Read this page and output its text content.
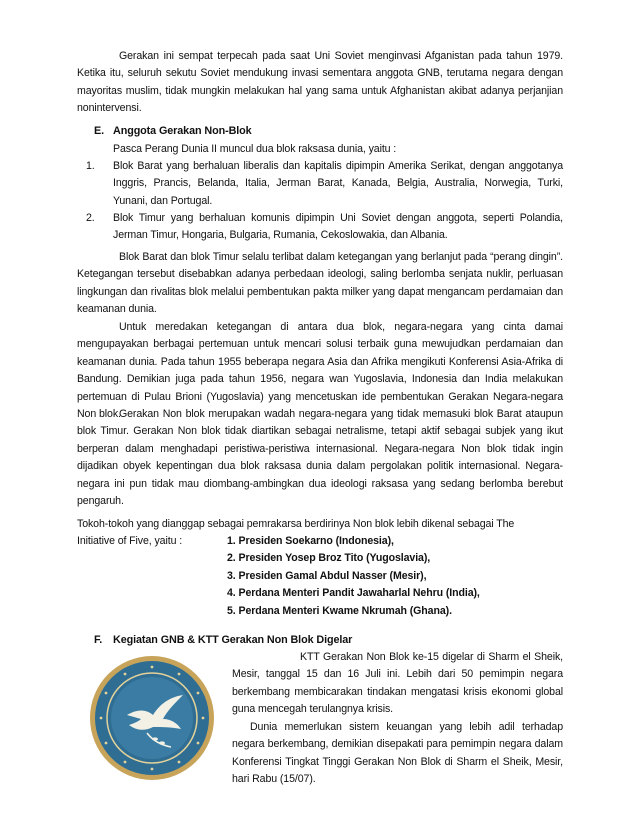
Gerakan ini sempat terpecah pada saat Uni Soviet menginvasi Afganistan pada tahun 1979. Ketika itu, seluruh sekutu Soviet mendukung invasi sementara anggota GNB, terutama negara dengan mayoritas muslim, tidak mungkin melakukan hal yang sama untuk Afghanistan akibat adanya perjanjian nonintervensi.

E. Anggota Gerakan Non-Blok

Pasca Perang Dunia II muncul dua blok raksasa dunia, yaitu :

1.	Blok Barat yang berhaluan liberalis dan kapitalis dipimpin Amerika Serikat, dengan anggotanya Inggris, Prancis, Belanda, Italia, Jerman Barat, Kanada, Belgia, Australia, Norwegia, Turki, Yunani, dan Portugal.
2.	Blok Timur yang berhaluan komunis dipimpin Uni Soviet dengan anggota, seperti Polandia, Jerman Timur, Hongaria, Bulgaria, Rumania, Cekoslowakia, dan Albania.

Blok Barat dan blok Timur selalu terlibat dalam ketegangan yang berlanjut pada “perang dingin”. Ketegangan tersebut disebabkan adanya perbedaan ideologi, saling berlomba senjata nuklir, perluasan lingkungan dan rivalitas blok melalui pembentukan pakta milker yang dapat mengancam perdamaian dan keamanan dunia.

Untuk meredakan ketegangan di antara dua blok, negara-negara yang cinta damai mengupayakan berbagai pertemuan untuk mencari solusi terbaik guna mewujudkan perdamaian dan keamanan dunia. Pada tahun 1955 beberapa negara Asia dan Afrika mengikuti Konferensi Asia-Afrika di Bandung. Demikian juga pada tahun 1956, negara wan Yugoslavia, Indonesia dan India melakukan pertemuan di Pulau Brioni (Yugoslavia) yang mencetuskan ide pembentukan Gerakan Negara-negara Non blok.

Gerakan Non blok merupakan wadah negara-negara yang tidak memasuki blok Barat ataupun blok Timur. Gerakan Non blok tidak diartikan sebagai netralisme, tetapi aktif sebagai subjek yang ikut berperan dalam menghadapi peristiwa-peristiwa internasional. Negara-negara Non blok tidak ingin dijadikan obyek kepentingan dua blok raksasa dunia dalam pergolakan politik internasional. Negara-negara ini pun tidak mau diombang-ambingkan dua ideologi raksasa yang sedang berlomba berebut pengaruh.

Tokoh-tokoh yang dianggap sebagai pemrakarsa berdirinya Non blok lebih dikenal sebagai The
Initiative of Five, yaitu :	1. Presiden Soekarno (Indonesia),
2. Presiden Yosep Broz Tito (Yugoslavia),
3. Presiden Gamal Abdul Nasser (Mesir),
4. Perdana Menteri Pandit Jawaharlal Nehru (India),
5. Perdana Menteri Kwame Nkrumah (Ghana).
F. Kegiatan GNB & KTT Gerakan Non Blok Digelar

KTT Gerakan Non Blok ke-15 digelar di Sharm el Sheik, Mesir, tanggal 15 dan 16 Juli ini. Lebih dari 50 pemimpin negara berkembang membicarakan tindakan mengatasi krisis ekonomi global guna mencegah terulangnya krisis.

Dunia memerlukan sistem keuangan yang lebih adil terhadap negara berkembang, demikian disepakati para pemimpin negara dalam Konferensi Tingkat Tinggi Gerakan Non Blok di Sharm el Sheik, Mesir, hari Rabu (15/07).
